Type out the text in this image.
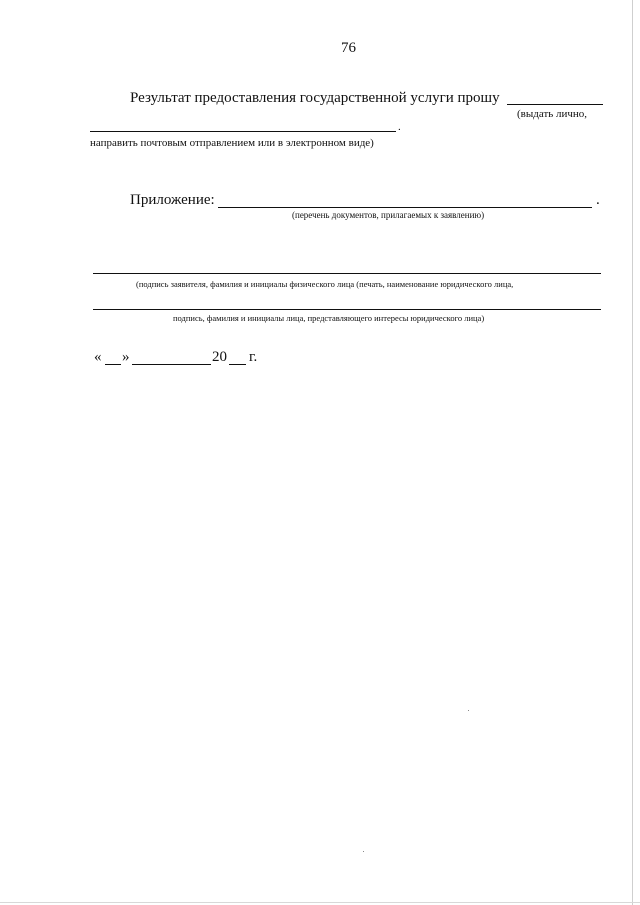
76
Результат предоставления государственной услуги прошу
(выдать лично,
.
направить почтовым отправлением или в электронном виде)
Приложение:	.
(перечень документов, прилагаемых к заявлению)
(подпись заявителя, фамилия и инициалы физического лица (печать, наименование юридического лица,
подпись, фамилия и инициалы лица, представляющего интересы юридического лица)
« »	20 г.
